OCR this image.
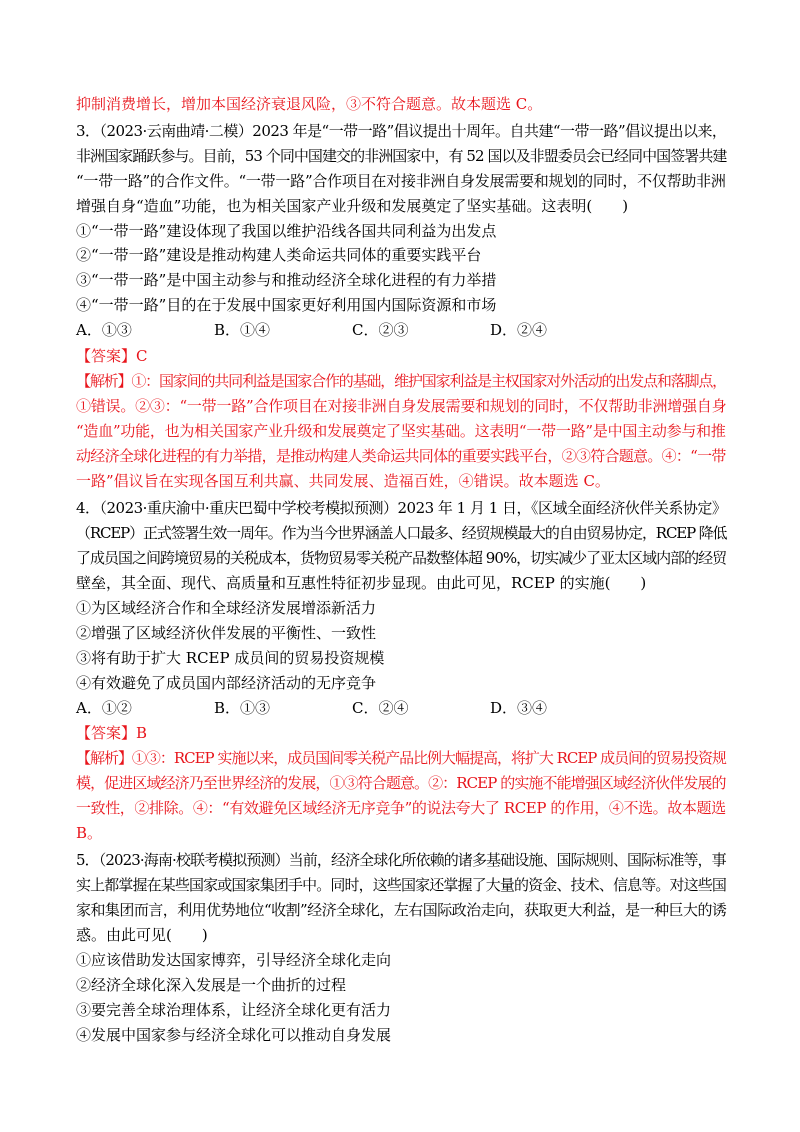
抑制消费增长，增加本国经济衰退风险，③不符合题意。故本题选 C。
3．（2023·云南曲靖·二模）2023 年是“一带一路”倡议提出十周年。自共建“一带一路”倡议提出以来，
非洲国家踊跃参与。目前，53 个同中国建交的非洲国家中，有 52 国以及非盟委员会已经同中国签署共建
“一带一路”的合作文件。“一带一路”合作项目在对接非洲自身发展需要和规划的同时，不仅帮助非洲
增强自身“造血”功能，也为相关国家产业升级和发展奠定了坚实基础。这表明(　　)
①“一带一路”建设体现了我国以维护沿线各国共同利益为出发点
②“一带一路”建设是推动构建人类命运共同体的重要实践平台
③“一带一路”是中国主动参与和推动经济全球化进程的有力举措
④“一带一路”目的在于发展中国家更好利用国内国际资源和市场
A．①③	B．①④	C．②③	D．②④
【答案】C
【解析】①：国家间的共同利益是国家合作的基础，维护国家利益是主权国家对外活动的出发点和落脚点，
①错误。②③：“一带一路”合作项目在对接非洲自身发展需要和规划的同时，不仅帮助非洲增强自身
“造血”功能，也为相关国家产业升级和发展奠定了坚实基础。这表明“一带一路”是中国主动参与和推
动经济全球化进程的有力举措，是推动构建人类命运共同体的重要实践平台，②③符合题意。④：“一带
一路”倡议旨在实现各国互利共赢、共同发展、造福百姓，④错误。故本题选 C。
4．（2023·重庆渝中·重庆巴蜀中学校考模拟预测）2023 年 1 月 1 日，《区域全面经济伙伴关系协定》
（RCEP）正式签署生效一周年。作为当今世界涵盖人口最多、经贸规模最大的自由贸易协定，RCEP 降低
了成员国之间跨境贸易的关税成本，货物贸易零关税产品数整体超 90%，切实减少了亚太区域内部的经贸
壁垒，其全面、现代、高质量和互惠性特征初步显现。由此可见，RCEP 的实施(　　)
①为区域经济合作和全球经济发展增添新活力
②增强了区域经济伙伴发展的平衡性、一致性
③将有助于扩大 RCEP 成员间的贸易投资规模
④有效避免了成员国内部经济活动的无序竞争
A．①②	B．①③	C．②④	D．③④
【答案】B
【解析】①③：RCEP 实施以来，成员国间零关税产品比例大幅提高，将扩大 RCEP 成员间的贸易投资规
模，促进区域经济乃至世界经济的发展，①③符合题意。②：RCEP 的实施不能增强区域经济伙伴发展的
一致性，②排除。④：“有效避免区域经济无序竞争”的说法夸大了 RCEP 的作用，④不选。故本题选
B。
5．（2023·海南·校联考模拟预测）当前，经济全球化所依赖的诸多基础设施、国际规则、国际标准等，事
实上都掌握在某些国家或国家集团手中。同时，这些国家还掌握了大量的资金、技术、信息等。对这些国
家和集团而言，利用优势地位“收割”经济全球化，左右国际政治走向，获取更大利益，是一种巨大的诱
惑。由此可见(　　)
①应该借助发达国家博弈，引导经济全球化走向
②经济全球化深入发展是一个曲折的过程
③要完善全球治理体系，让经济全球化更有活力
④发展中国家参与经济全球化可以推动自身发展
